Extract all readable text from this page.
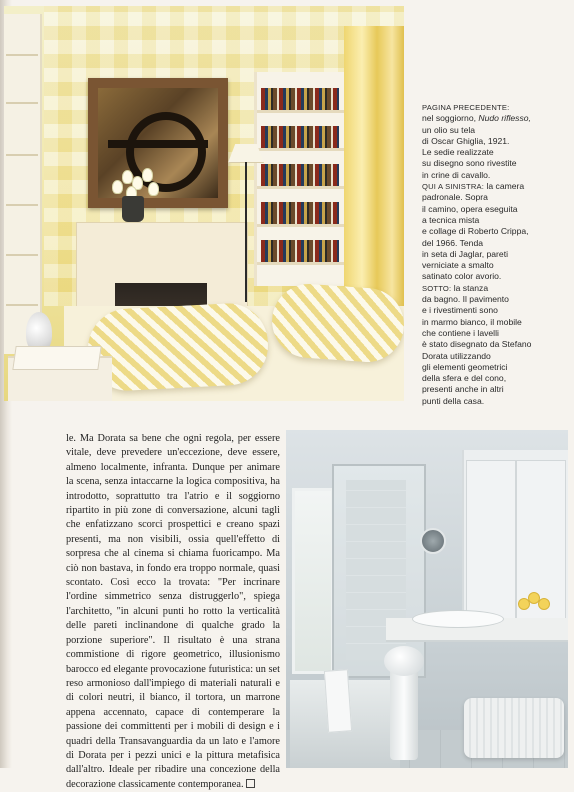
PAGINA PRECEDENTE:
nel soggiorno, Nudo riflesso,
un olio su tela
di Oscar Ghiglia, 1921.
Le sedie realizzate
su disegno sono rivestite
in crine di cavallo.
QUI A SINISTRA: la camera
padronale. Sopra
il camino, opera eseguita
a tecnica mista
e collage di Roberto Crippa,
del 1966. Tenda
in seta di Jaglar, pareti
verniciate a smalto
satinato color avorio.
SOTTO: la stanza
da bagno. Il pavimento
e i rivestimenti sono
in marmo bianco, il mobile
che contiene i lavelli
è stato disegnato da Stefano
Dorata utilizzando
gli elementi geometrici
della sfera e del cono,
presenti anche in altri
punti della casa.
le. Ma Dorata sa bene che ogni regola, per essere vitale, deve prevedere un'eccezione, deve essere, almeno localmente, infranta. Dunque per animare la scena, senza intaccarne la logica compositiva, ha introdotto, soprattutto tra l'atrio e il soggiorno ripartito in più zone di conversazione, alcuni tagli che enfatizzano scorci prospettici e creano spazi presenti, ma non visibili, ossia quell'effetto di sorpresa che al cinema si chiama fuoricampo. Ma ciò non bastava, in fondo era troppo normale, quasi scontato. Così ecco la trovata: "Per incrinare l'ordine simmetrico senza distruggerlo", spiega l'architetto, "in alcuni punti ho rotto la verticalità delle pareti inclinandone di qualche grado la porzione superiore". Il risultato è una strana commistione di rigore geometrico, illusionismo barocco ed elegante provocazione futuristica: un set reso armonioso dall'impiego di materiali naturali e di colori neutri, il bianco, il tortora, un marrone appena accennato, capace di contemperare la passione dei committenti per i mobili di design e i quadri della Transavanguardia da un lato e l'amore di Dorata per i pezzi unici e la pittura metafisica dall'altro. Ideale per ribadire una concezione della decorazione classicamente contemporanea.
